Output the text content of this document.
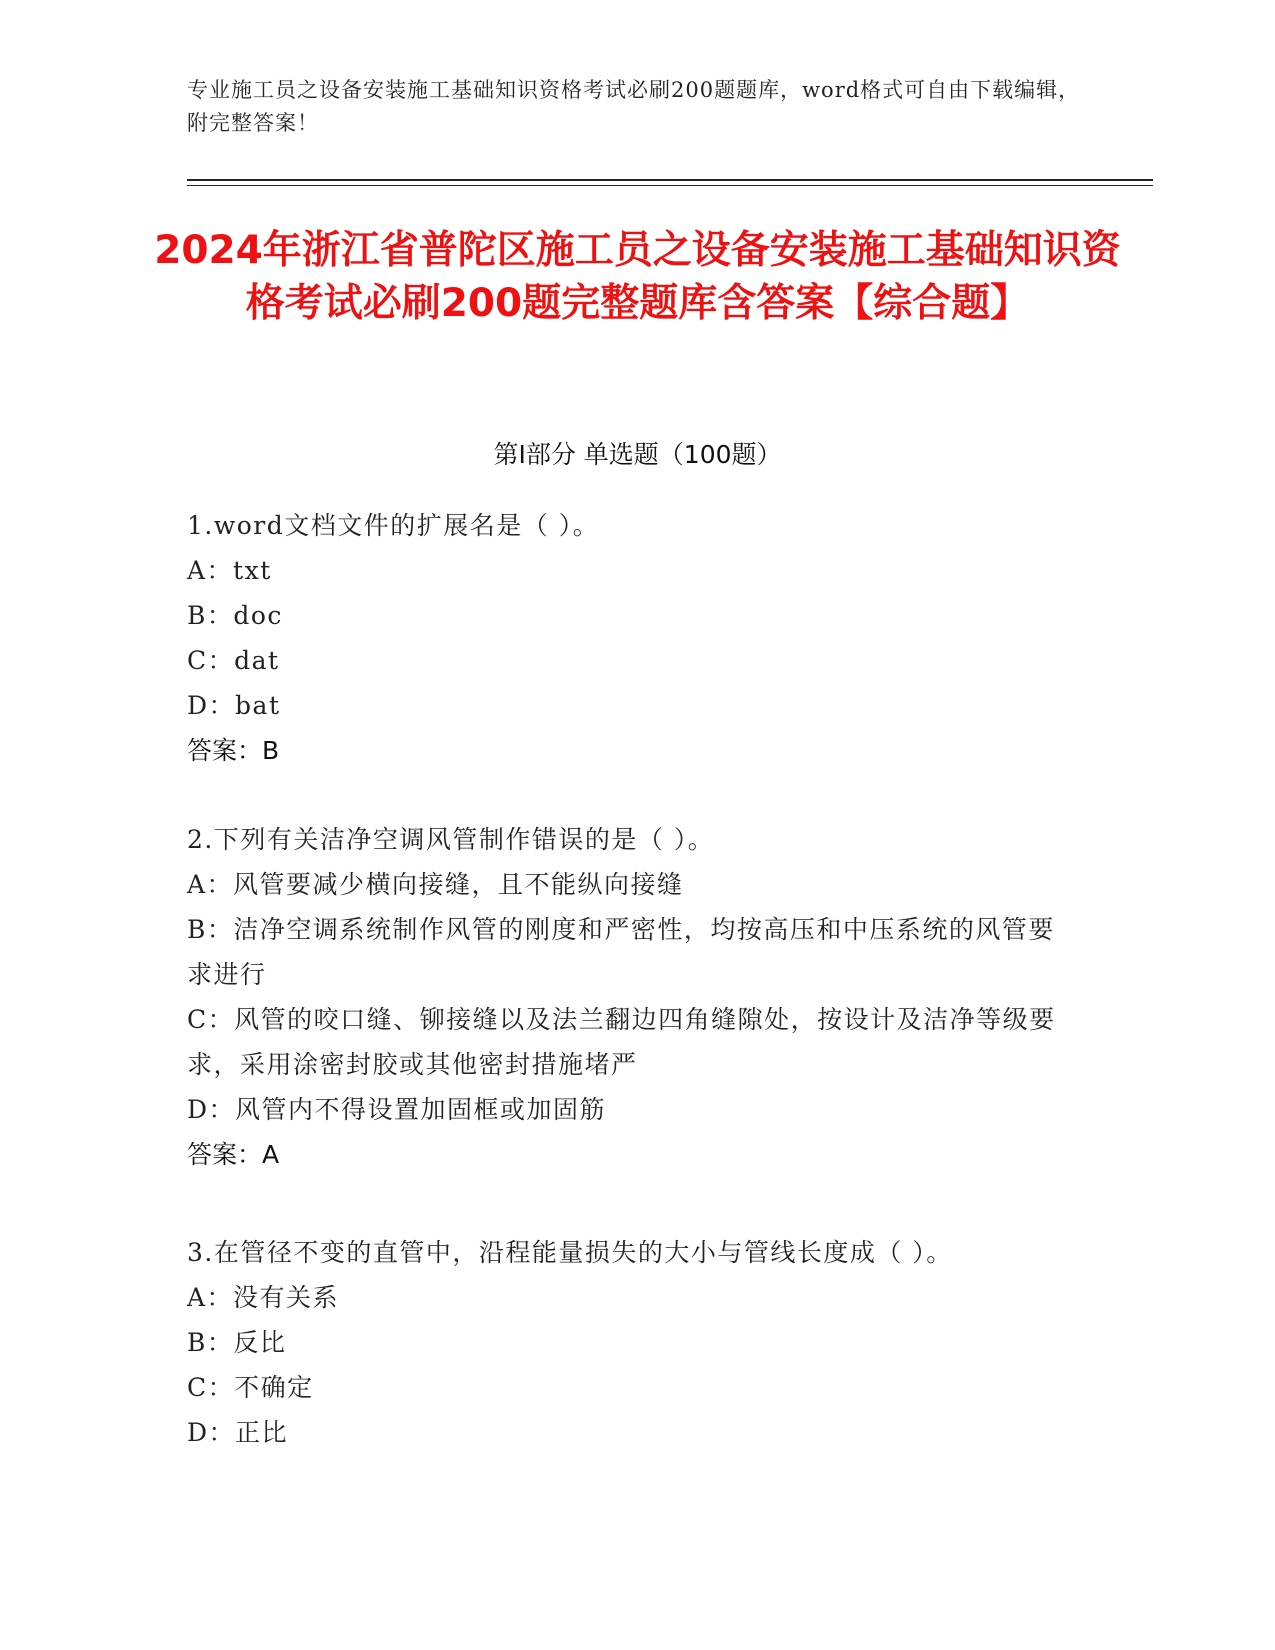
专业施工员之设备安装施工基础知识资格考试必刷200题题库，word格式可自由下载编辑，附完整答案！
2024年浙江省普陀区施工员之设备安装施工基础知识资格考试必刷200题完整题库含答案【综合题】
第I部分 单选题（100题）
1.word文档文件的扩展名是（ ）。
A：txt
B：doc
C：dat
D：bat
答案：B
2.下列有关洁净空调风管制作错误的是（ ）。
A：风管要减少横向接缝，且不能纵向接缝
B：洁净空调系统制作风管的刚度和严密性，均按高压和中压系统的风管要求进行
C：风管的咬口缝、铆接缝以及法兰翻边四角缝隙处，按设计及洁净等级要求，采用涂密封胶或其他密封措施堵严
D：风管内不得设置加固框或加固筋
答案：A
3.在管径不变的直管中，沿程能量损失的大小与管线长度成（ ）。
A：没有关系
B：反比
C：不确定
D：正比
